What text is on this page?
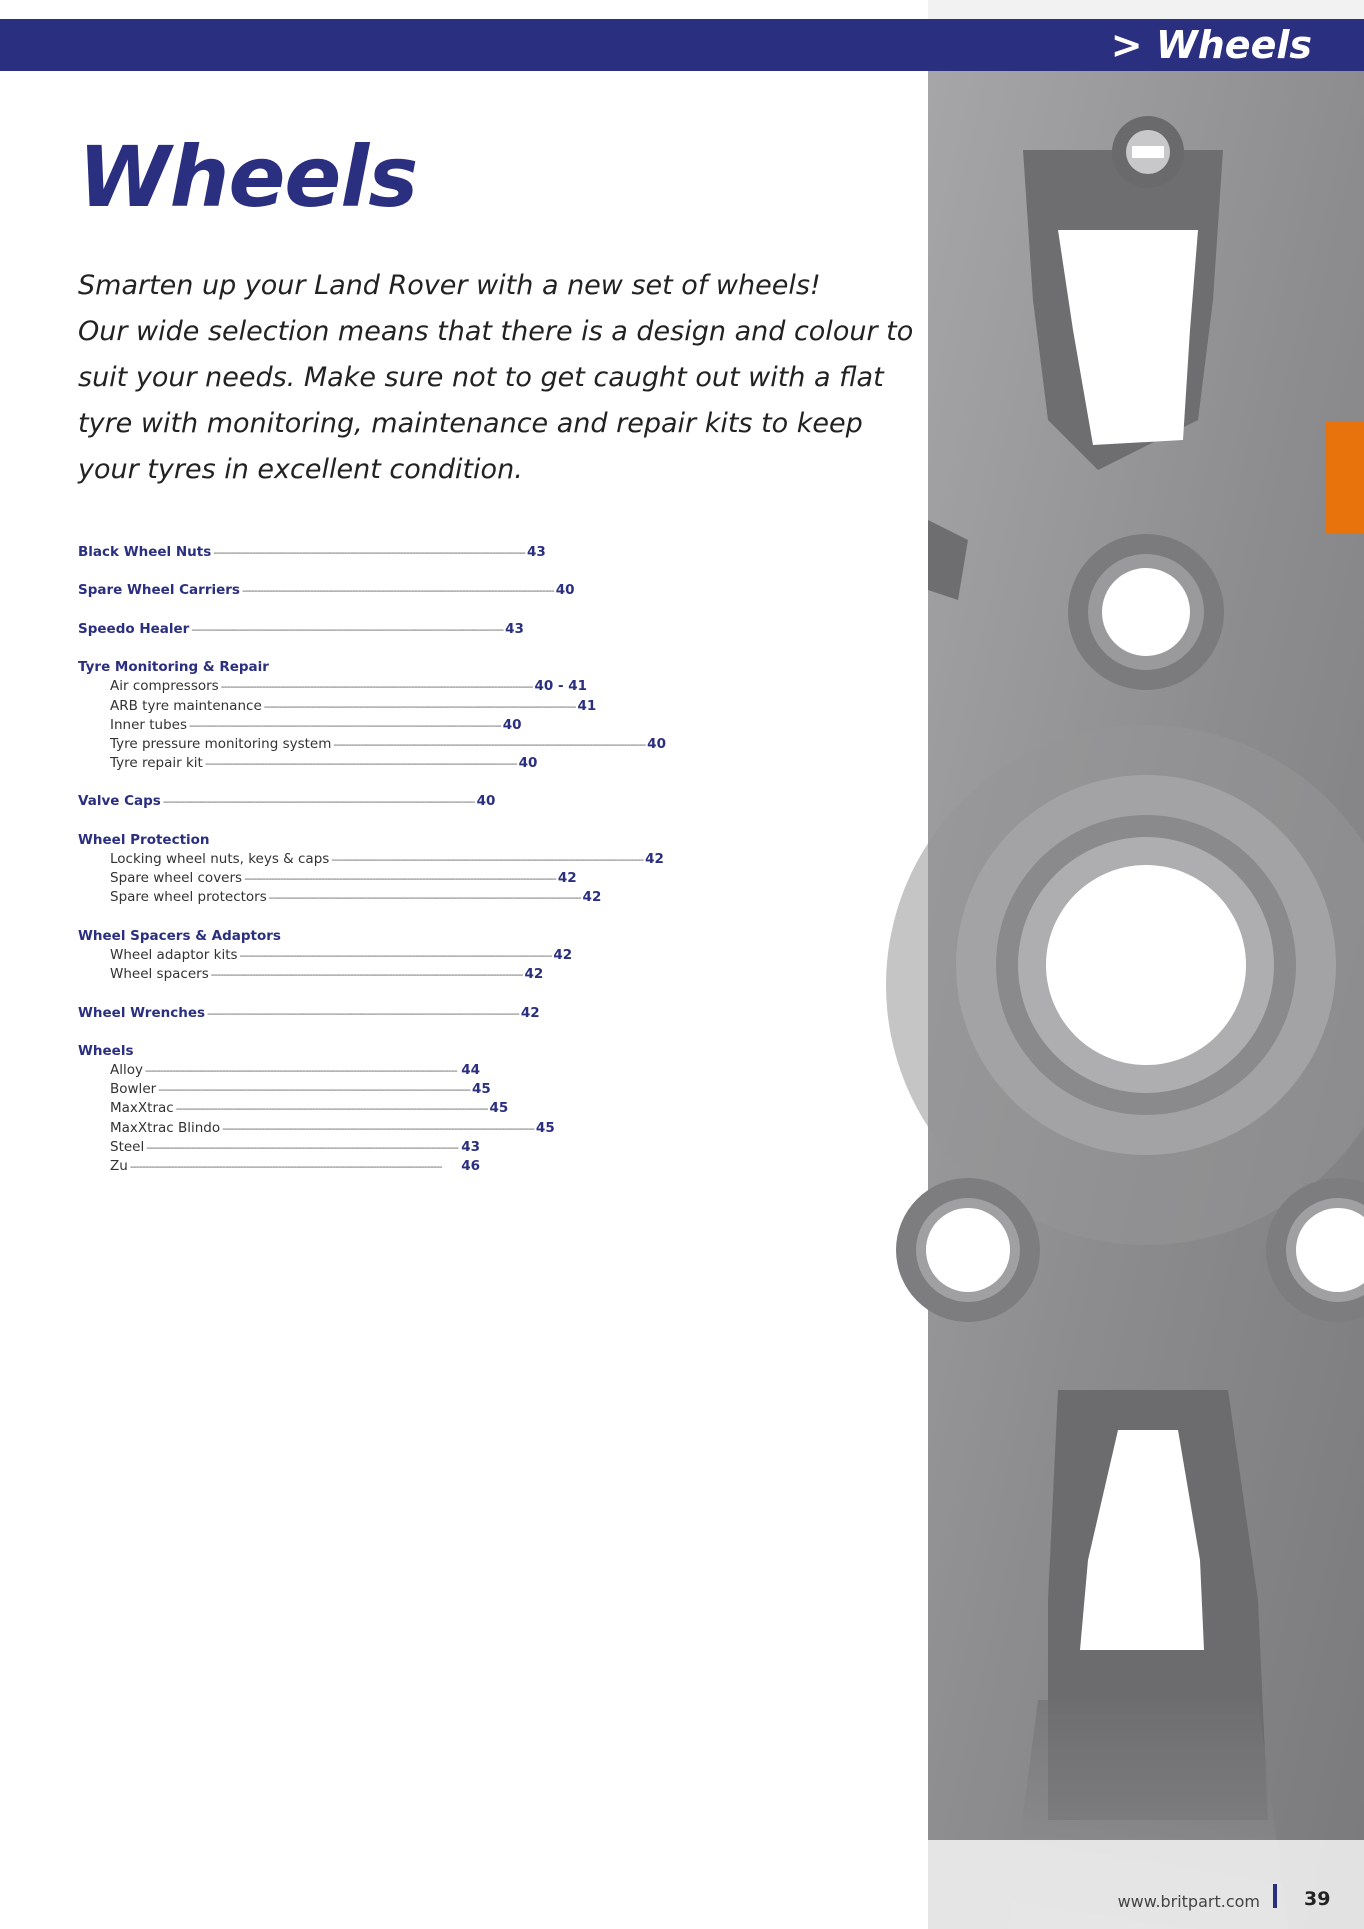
> Wheels
Wheels

Smarten up your Land Rover with a new set of wheels!

Our wide selection means that there is a design and colour to suit your needs. Make sure not to get caught out with a flat tyre with monitoring, maintenance and repair kits to keep your tyres in excellent condition.

Black Wheel Nuts --------------------------------------------------------------------------------------------------------- 43
Spare Wheel Carriers --------------------------------------------------------------------------------------------------------- 40
Speedo Healer --------------------------------------------------------------------------------------------------------- 43
Tyre Monitoring & Repair
Air compressors --------------------------------------------------------------------------------------------------------- 40 - 41
ARB tyre maintenance --------------------------------------------------------------------------------------------------------- 41
Inner tubes --------------------------------------------------------------------------------------------------------- 40
Tyre pressure monitoring system --------------------------------------------------------------------------------------------------------- 40
Tyre repair kit --------------------------------------------------------------------------------------------------------- 40
Valve Caps --------------------------------------------------------------------------------------------------------- 40
Wheel Protection
Locking wheel nuts, keys & caps --------------------------------------------------------------------------------------------------------- 42
Spare wheel covers --------------------------------------------------------------------------------------------------------- 42
Spare wheel protectors --------------------------------------------------------------------------------------------------------- 42
Wheel Spacers & Adaptors
Wheel adaptor kits --------------------------------------------------------------------------------------------------------- 42
Wheel spacers --------------------------------------------------------------------------------------------------------- 42
Wheel Wrenches --------------------------------------------------------------------------------------------------------- 42
Wheels
Alloy --------------------------------------------------------------------------------------------------------- 44
Bowler --------------------------------------------------------------------------------------------------------- 45
MaxXtrac --------------------------------------------------------------------------------------------------------- 45
MaxXtrac Blindo --------------------------------------------------------------------------------------------------------- 45
Steel --------------------------------------------------------------------------------------------------------- 43
Zu ---------------------------------------------------------------------------------------------------------	46
www.britpart.com 39
